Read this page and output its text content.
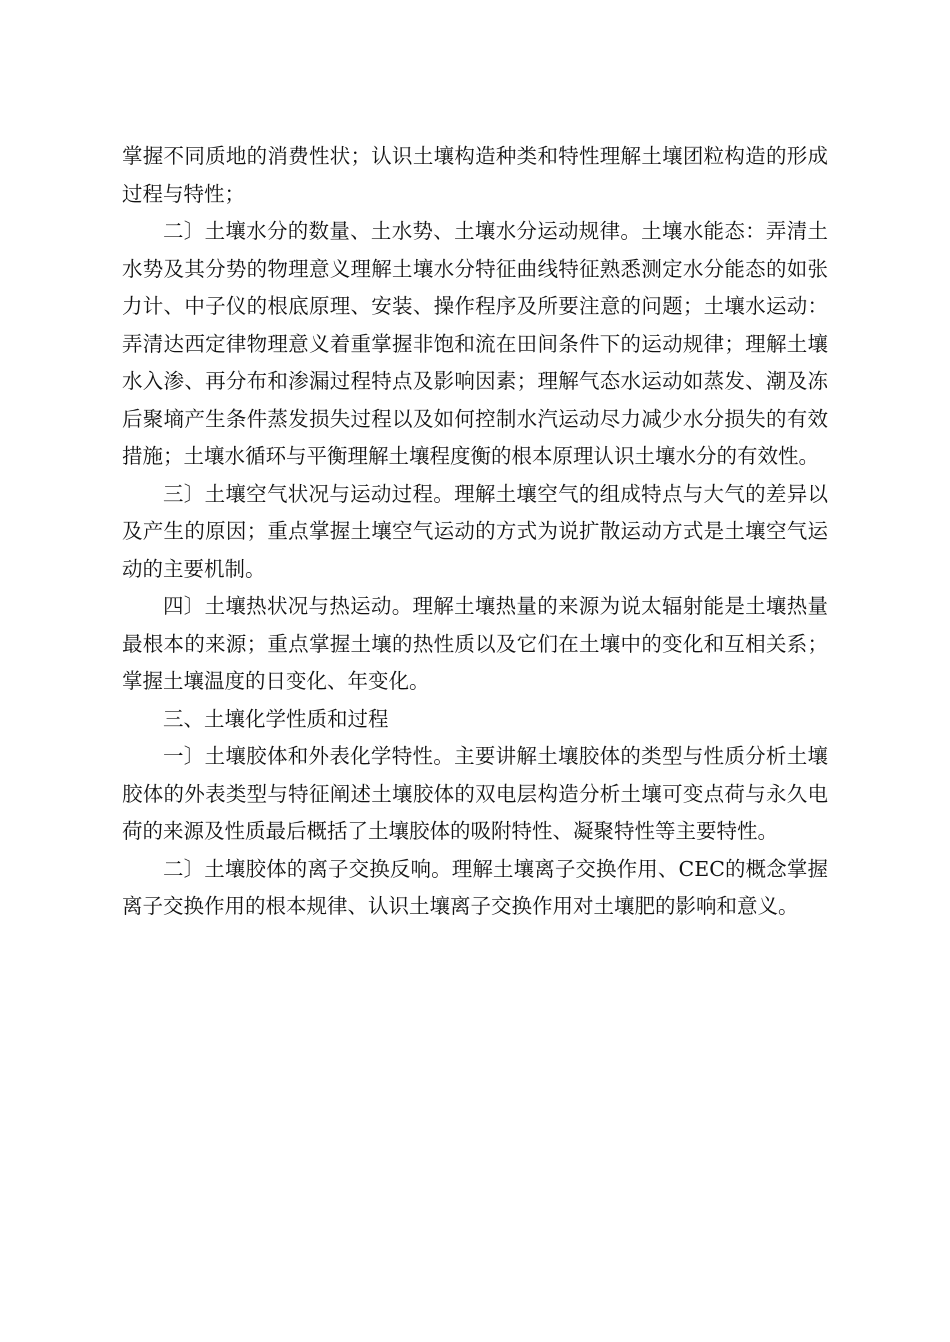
掌握不同质地的消费性状；认识土壤构造种类和特性理解土壤团粒构造的形成过程与特性；

二〕土壤水分的数量、土水势、土壤水分运动规律。土壤水能态：弄清土水势及其分势的物理意义理解土壤水分特征曲线特征熟悉测定水分能态的如张力计、中子仪的根底原理、安装、操作程序及所要注意的问题；土壤水运动：弄清达西定律物理意义着重掌握非饱和流在田间条件下的运动规律；理解土壤水入渗、再分布和渗漏过程特点及影响因素；理解气态水运动如蒸发、潮及冻后聚墒产生条件蒸发损失过程以及如何控制水汽运动尽力减少水分损失的有效措施；土壤水循环与平衡理解土壤程度衡的根本原理认识土壤水分的有效性。

三〕土壤空气状况与运动过程。理解土壤空气的组成特点与大气的差异以及产生的原因；重点掌握土壤空气运动的方式为说扩散运动方式是土壤空气运动的主要机制。

四〕土壤热状况与热运动。理解土壤热量的来源为说太辐射能是土壤热量最根本的来源；重点掌握土壤的热性质以及它们在土壤中的变化和互相关系；掌握土壤温度的日变化、年变化。

三、土壤化学性质和过程

一〕土壤胶体和外表化学特性。主要讲解土壤胶体的类型与性质分析土壤胶体的外表类型与特征阐述土壤胶体的双电层构造分析土壤可变点荷与永久电荷的来源及性质最后概括了土壤胶体的吸附特性、凝聚特性等主要特性。

二〕土壤胶体的离子交换反响。理解土壤离子交换作用、CEC的概念掌握离子交换作用的根本规律、认识土壤离子交换作用对土壤肥的影响和意义。
